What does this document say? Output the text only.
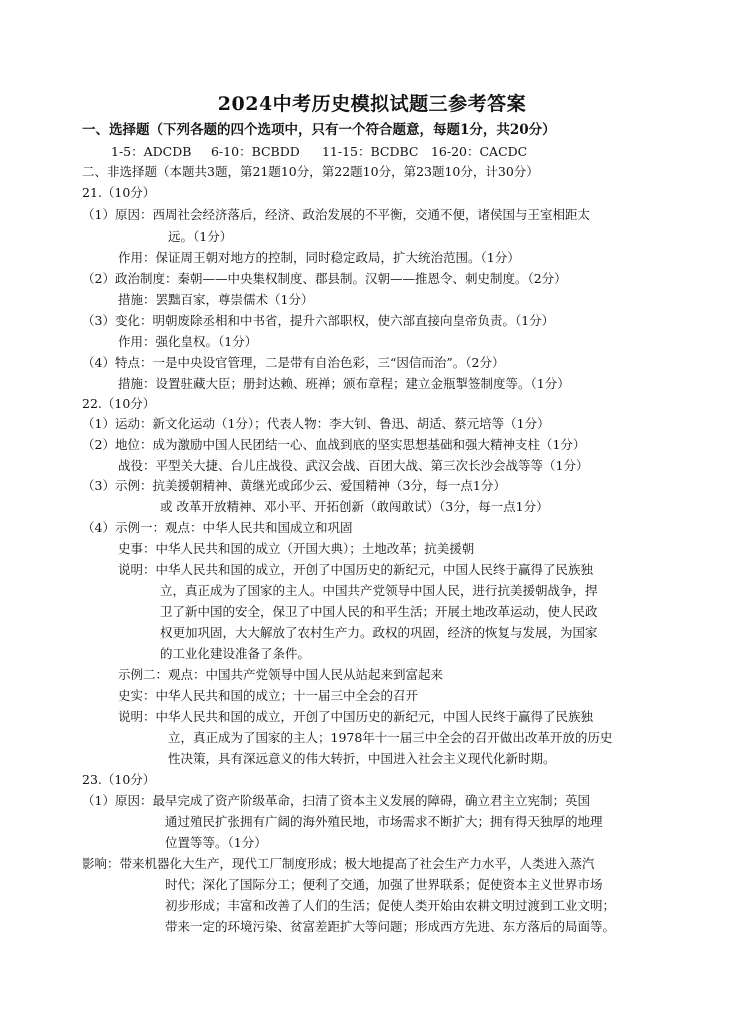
2024中考历史模拟试题三参考答案
一、选择题（下列各题的四个选项中，只有一个符合题意，每题1分，共20分）
1-5：ADCDB 6-10：BCBDD 11-15：BCDBC 16-20：CACDC
二、非选择题（本题共3题，第21题10分，第22题10分，第23题10分，计30分）
21.（10分）
（1）原因：西周社会经济落后，经济、政治发展的不平衡，交通不便，诸侯国与王室相距太
远。（1分）
作用：保证周王朝对地方的控制，同时稳定政局，扩大统治范围。（1分）
（2）政治制度：秦朝——中央集权制度、郡县制。汉朝——推恩令、刺史制度。（2分）
措施：罢黜百家，尊崇儒术（1分）
（3）变化：明朝废除丞相和中书省，提升六部职权，使六部直接向皇帝负责。（1分）
作用：强化皇权。（1分）
（4）特点：一是中央设官管理，二是带有自治色彩，三“因信而治”。（2分）
措施：设置驻藏大臣；册封达赖、班禅；颁布章程；建立金瓶掣签制度等。（1分）
22.（10分）
（1）运动：新文化运动（1分）；代表人物：李大钊、鲁迅、胡适、蔡元培等（1分）
（2）地位：成为激励中国人民团结一心、血战到底的坚实思想基础和强大精神支柱（1分）
战役：平型关大捷、台儿庄战役、武汉会战、百团大战、第三次长沙会战等等（1分）
（3）示例：抗美援朝精神、黄继光或邱少云、爱国精神（3分，每一点1分）
或 改革开放精神、邓小平、开拓创新（敢闯敢试）（3分，每一点1分）
（4）示例一：观点：中华人民共和国成立和巩固
史事：中华人民共和国的成立（开国大典）；土地改革；抗美援朝
说明：中华人民共和国的成立，开创了中国历史的新纪元，中国人民终于赢得了民族独
立，真正成为了国家的主人。中国共产党领导中国人民，进行抗美援朝战争，捍
卫了新中国的安全，保卫了中国人民的和平生活；开展土地改革运动，使人民政
权更加巩固，大大解放了农村生产力。政权的巩固，经济的恢复与发展，为国家
的工业化建设准备了条件。
示例二：观点：中国共产党领导中国人民从站起来到富起来
史实：中华人民共和国的成立；十一届三中全会的召开
说明：中华人民共和国的成立，开创了中国历史的新纪元，中国人民终于赢得了民族独
立，真正成为了国家的主人；1978年十一届三中全会的召开做出改革开放的历史
性决策，具有深远意义的伟大转折，中国进入社会主义现代化新时期。
23.（10分）
（1）原因：最早完成了资产阶级革命，扫清了资本主义发展的障碍，确立君主立宪制；英国
通过殖民扩张拥有广阔的海外殖民地，市场需求不断扩大；拥有得天独厚的地理
位置等等。（1分）
影响：带来机器化大生产，现代工厂制度形成；极大地提高了社会生产力水平，人类进入蒸汽
时代；深化了国际分工；便利了交通，加强了世界联系；促使资本主义世界市场
初步形成；丰富和改善了人们的生活；促使人类开始由农耕文明过渡到工业文明；
带来一定的环境污染、贫富差距扩大等问题；形成西方先进、东方落后的局面等。
